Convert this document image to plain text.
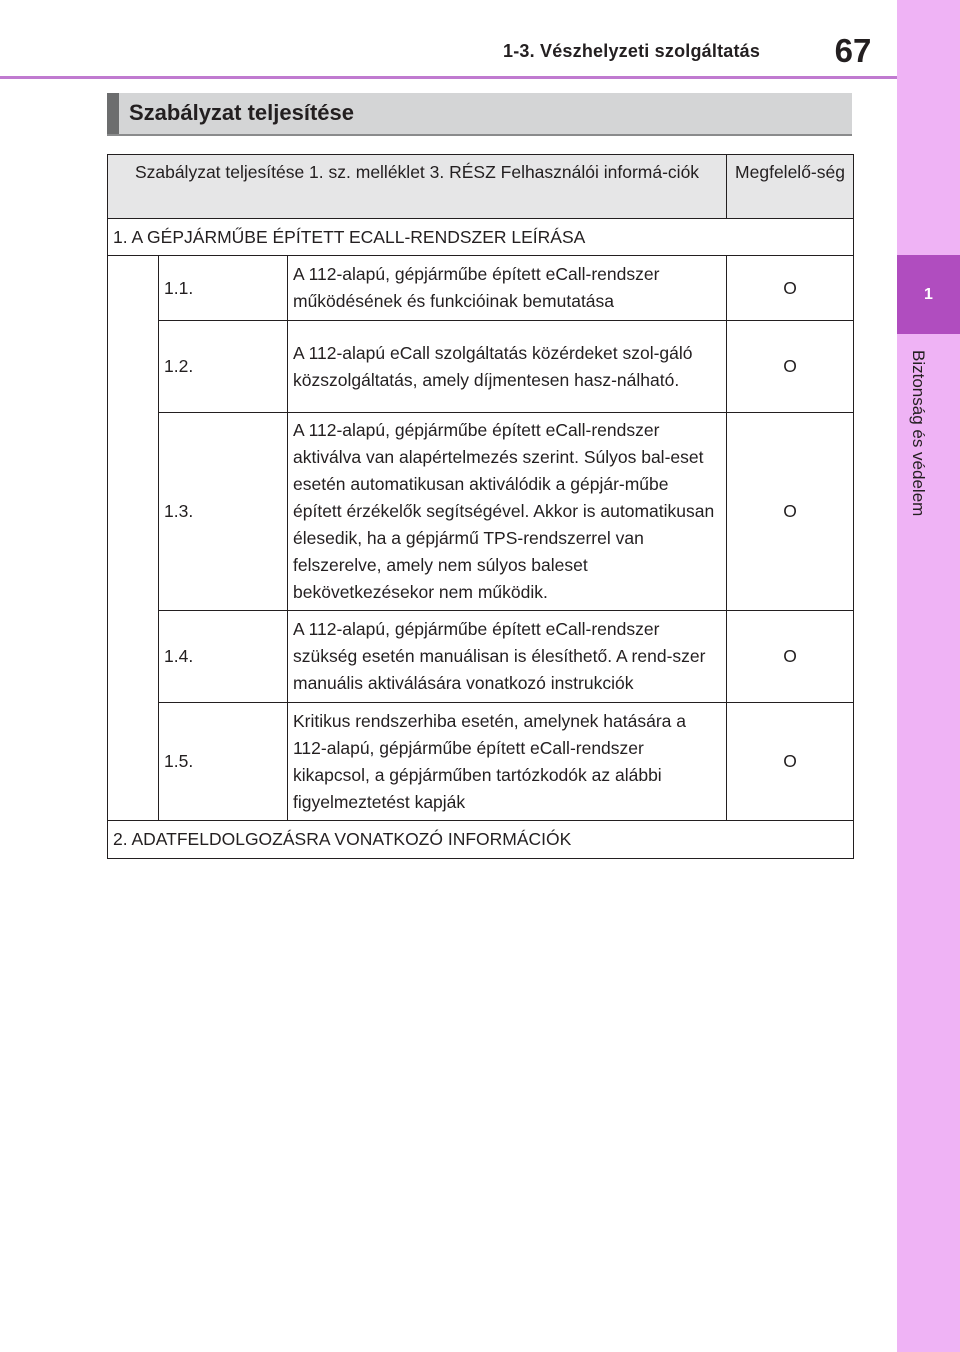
1-3. Vészhelyzeti szolgáltatás	67
1
Biztonság és védelem
Szabályzat teljesítése
Szabályzat teljesítése 1. sz. melléklet 3. RÉSZ Felhasználói informá-ciók			Megfelelő-ség
1. A GÉPJÁRMŰBE ÉPÍTETT ECALL-RENDSZER LEÍRÁSA			
	1.1.	A 112-alapú, gépjárműbe épített eCall-rendszer működésének és funkcióinak bemutatása	O
	1.2.	A 112-alapú eCall szolgáltatás közérdeket szol-gáló közszolgáltatás, amely díjmentesen hasz-nálható.	O
	1.3.	A 112-alapú, gépjárműbe épített eCall-rendszer aktiválva van alapértelmezés szerint. Súlyos bal-eset esetén automatikusan aktiválódik a gépjár-műbe épített érzékelők segítségével. Akkor is automatikusan élesedik, ha a gépjármű TPS-rendszerrel van felszerelve, amely nem súlyos baleset bekövetkezésekor nem működik.	O
	1.4.	A 112-alapú, gépjárműbe épített eCall-rendszer szükség esetén manuálisan is élesíthető. A rend-szer manuális aktiválására vonatkozó instrukciók	O
	1.5.	Kritikus rendszerhiba esetén, amelynek hatására a 112-alapú, gépjárműbe épített eCall-rendszer kikapcsol, a gépjárműben tartózkodók az alábbi figyelmeztetést kapják	O
2. ADATFELDOLGOZÁSRA VONATKOZÓ INFORMÁCIÓK			
